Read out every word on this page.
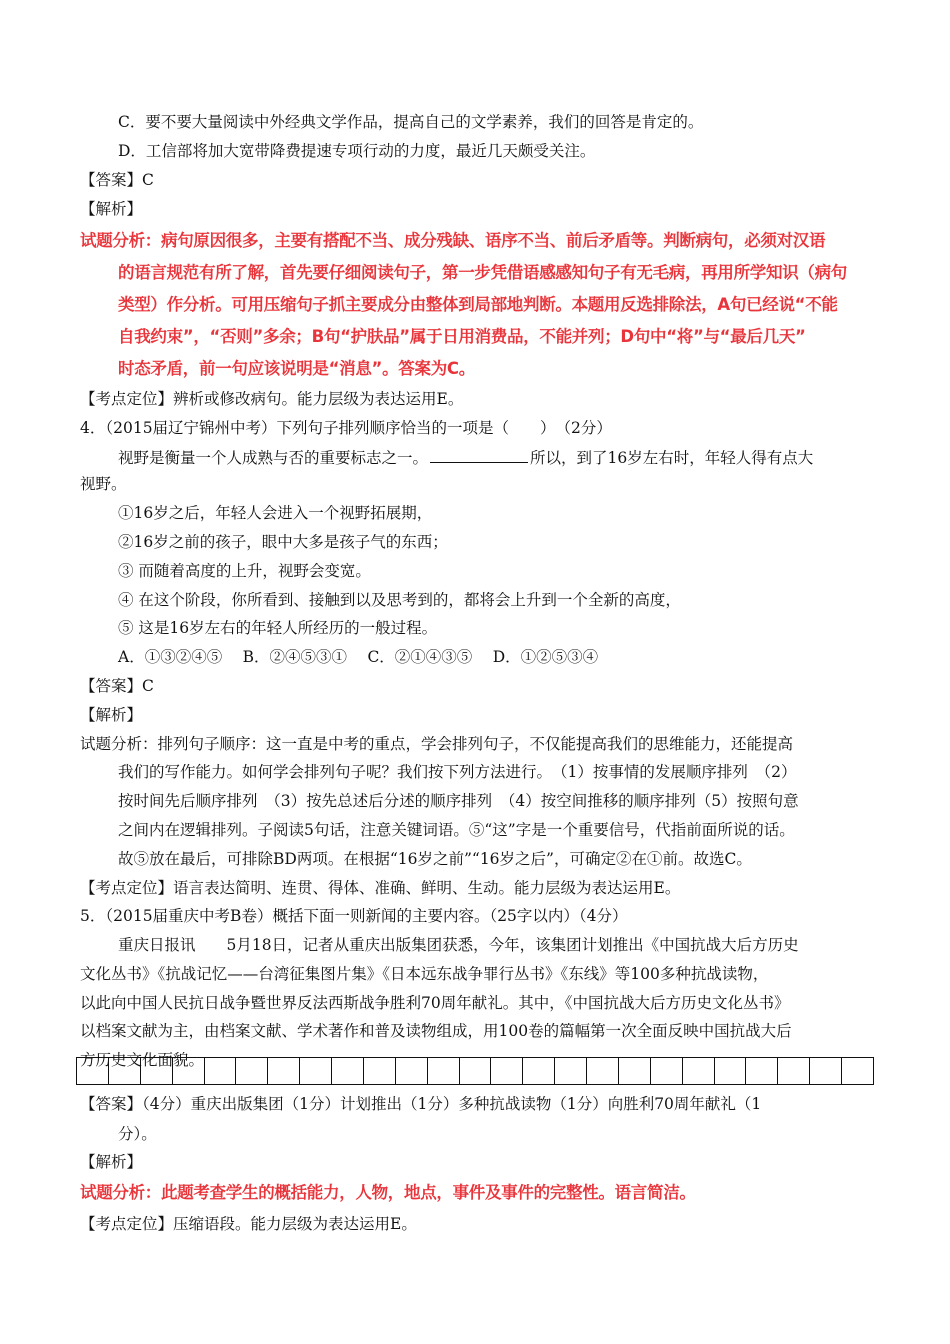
C．要不要大量阅读中外经典文学作品，提高自己的文学素养，我们的回答是肯定的。
D．工信部将加大宽带降费提速专项行动的力度，最近几天颇受关注。
【答案】C
【解析】
试题分析：病句原因很多，主要有搭配不当、成分残缺、语序不当、前后矛盾等。判断病句，必须对汉语
的语言规范有所了解，首先要仔细阅读句子，第一步凭借语感感知句子有无毛病，再用所学知识（病句
类型）作分析。可用压缩句子抓主要成分由整体到局部地判断。本题用反选排除法，A句已经说“不能
自我约束”，“否则”多余；B句“护肤品”属于日用消费品，不能并列；D句中“将”与“最后几天”
时态矛盾，前一句应该说明是“消息”。答案为C。
【考点定位】辨析或修改病句。能力层级为表达运用E。
4．（2015届辽宁锦州中考）下列句子排列顺序恰当的一项是（　　）　（2分）
视野是衡量一个人成熟与否的重要标志之一。	所以，到了16岁左右时，年轻人得有点大
视野。
①16岁之后，年轻人会进入一个视野拓展期，
②16岁之前的孩子，眼中大多是孩子气的东西；
③ 而随着高度的上升，视野会变宽。
④ 在这个阶段，你所看到、接触到以及思考到的，都将会上升到一个全新的高度，
⑤ 这是16岁左右的年轻人所经历的一般过程。
A．①③②④⑤　 B．②④⑤③①　 C．②①④③⑤　 D．①②⑤③④
【答案】C
【解析】
试题分析：排列句子顺序：这一直是中考的重点，学会排列句子，不仅能提高我们的思维能力，还能提高
我们的写作能力。如何学会排列句子呢？我们按下列方法进行。　（1）按事情的发展顺序排列　（2）
按时间先后顺序排列　（3）按先总述后分述的顺序排列　（4）按空间推移的顺序排列（5）按照句意
之间内在逻辑排列。子阅读5句话，注意关键词语。⑤“这”字是一个重要信号，代指前面所说的话。
故⑤放在最后，可排除BD两项。在根据“16岁之前”“16岁之后”，可确定②在①前。故选C。
【考点定位】语言表达简明、连贯、得体、准确、鲜明、生动。能力层级为表达运用E。
5．（2015届重庆中考B卷）概括下面一则新闻的主要内容。（25字以内）（4分）
重庆日报讯　　5月18日，记者从重庆出版集团获悉，今年，该集团计划推出《中国抗战大后方历史
文化丛书》《抗战记忆——台湾征集图片集》《日本远东战争罪行丛书》《东线》等100多种抗战读物，
以此向中国人民抗日战争暨世界反法西斯战争胜利70周年献礼。其中，《中国抗战大后方历史文化丛书》
以档案文献为主，由档案文献、学术著作和普及读物组成，用100卷的篇幅第一次全面反映中国抗战大后
方历史文化面貌。
【答案】（4分）重庆出版集团（1分）计划推出（1分）多种抗战读物（1分）向胜利70周年献礼（1
分）。
【解析】
试题分析：此题考查学生的概括能力，人物，地点，事件及事件的完整性。语言简洁。
【考点定位】压缩语段。能力层级为表达运用E。
